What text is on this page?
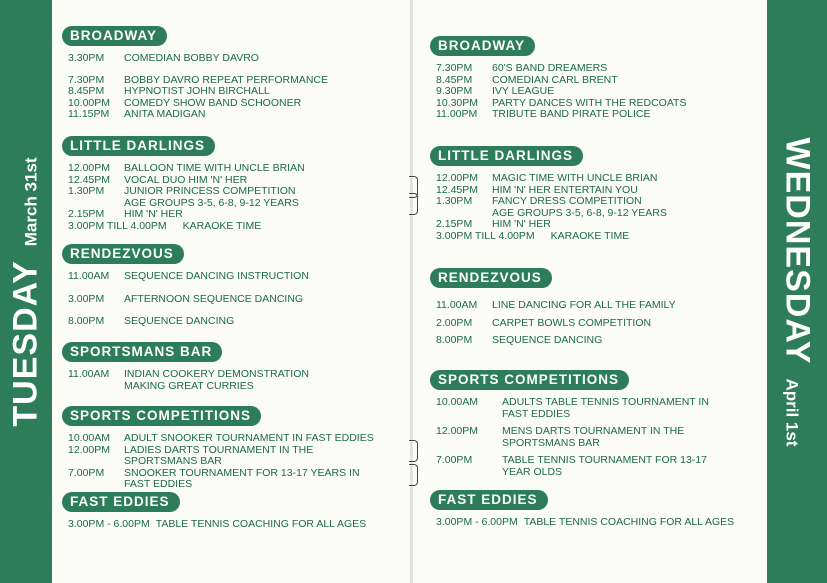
TUESDAY
March 31st	WEDNESDAY
April 1st
BROADWAY
3.30PM	COMEDIAN BOBBY DAVRO
7.30PM	BOBBY DAVRO REPEAT PERFORMANCE
8.45PM	HYPNOTIST JOHN BIRCHALL
10.00PM	COMEDY SHOW BAND SCHOONER
11.15PM	ANITA MADIGAN
LITTLE DARLINGS
12.00PM	BALLOON TIME WITH UNCLE BRIAN
12.45PM	VOCAL DUO HIM 'N' HER
1.30PM	JUNIOR PRINCESS COMPETITION
AGE GROUPS 3-5, 6-8, 9-12 YEARS
2.15PM	HIM 'N' HER
3.00PM TILL 4.00PM KARAOKE TIME
RENDEZVOUS
11.00AM	SEQUENCE DANCING INSTRUCTION
3.00PM	AFTERNOON SEQUENCE DANCING
8.00PM	SEQUENCE DANCING
SPORTSMANS BAR
11.00AM	INDIAN COOKERY DEMONSTRATION
MAKING GREAT CURRIES
SPORTS COMPETITIONS
10.00AM	ADULT SNOOKER TOURNAMENT IN FAST EDDIES
12.00PM	LADIES DARTS TOURNAMENT IN THE
SPORTSMANS BAR
7.00PM	SNOOKER TOURNAMENT FOR 13-17 YEARS IN
FAST EDDIES
FAST EDDIES
3.00PM - 6.00PM TABLE TENNIS COACHING FOR ALL AGES
BROADWAY
7.30PM	60'S BAND DREAMERS
8.45PM	COMEDIAN CARL BRENT
9.30PM	IVY LEAGUE
10.30PM	PARTY DANCES WITH THE REDCOATS
11.00PM	TRIBUTE BAND PIRATE POLICE
LITTLE DARLINGS
12.00PM	MAGIC TIME WITH UNCLE BRIAN
12.45PM	HIM 'N' HER ENTERTAIN YOU
1.30PM	FANCY DRESS COMPETITION
AGE GROUPS 3-5, 6-8, 9-12 YEARS
2.15PM	HIM 'N' HER
3.00PM TILL 4.00PM KARAOKE TIME
RENDEZVOUS
11.00AM	LINE DANCING FOR ALL THE FAMILY
2.00PM	CARPET BOWLS COMPETITION
8.00PM	SEQUENCE DANCING
SPORTS COMPETITIONS
10.00AM	ADULTS TABLE TENNIS TOURNAMENT IN
FAST EDDIES
12.00PM	MENS DARTS TOURNAMENT IN THE
SPORTSMANS BAR
7.00PM	TABLE TENNIS TOURNAMENT FOR 13-17
YEAR OLDS
FAST EDDIES
3.00PM - 6.00PM TABLE TENNIS COACHING FOR ALL AGES
